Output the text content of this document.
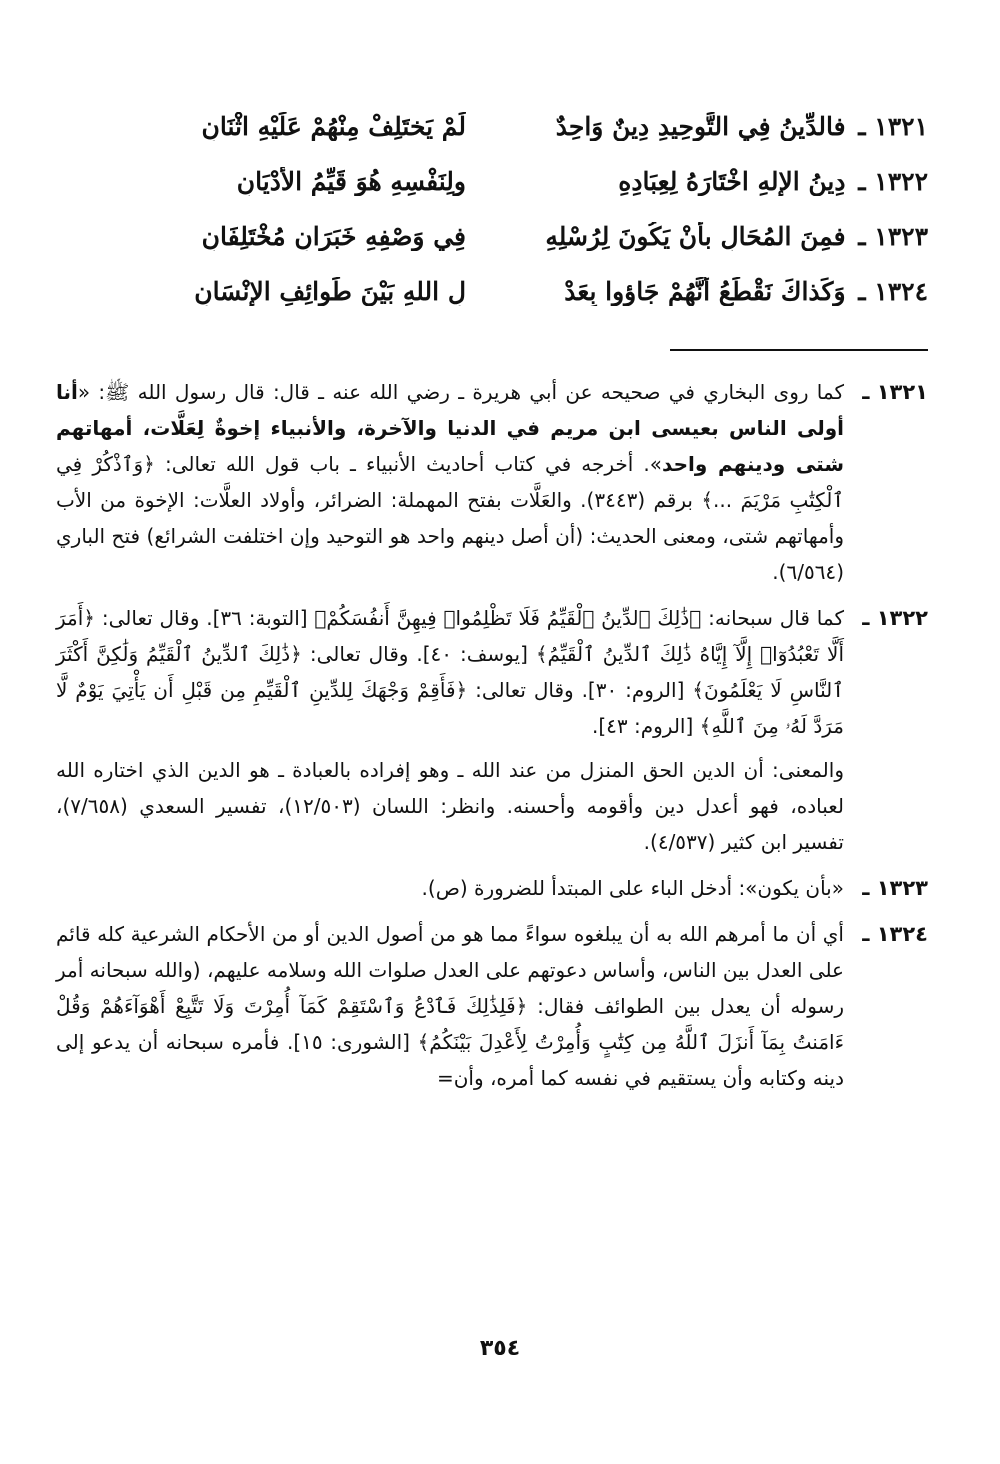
١٣٢١ ـ فالدِّينُ فِي التَّوحِيدِ دِينٌ وَاحِدٌ
لَمْ يَختَلِفْ مِنْهُمْ عَلَيْهِ اثْنَانِ
١٣٢٢ ـ دِينُ الإِلهِ اخْتَارَهُ لِعِبَادِهِ
ولِنَفْسِهِ هُوَ قَيِّمُ الأَدْيَانِ
١٣٢٣ ـ فمِنَ المُحَالِ بأَنْ يَكُونَ لِرُسْلِهِ
فِي وَصْفِهِ خَبَرَانِ مُخْتَلِفَانِ
١٣٢٤ ـ وَكَذاكَ نَقْطَعُ أَنَّهُمْ جَاؤوا بِعَدْ
لِ اللهِ بَيْنَ طَوائِفِ الإِنْسَانِ
١٣٢١ ـ

كما روى البخاري في صحيحه عن أبي هريرة ـ رضي الله عنه ـ قال: قال رسول الله ﷺ: «أنا أولى الناس بعيسى ابن مريم في الدنيا والآخرة، والأنبياء إخوةٌ لِعَلَّات، أمهاتهم شتى ودينهم واحد». أخرجه في كتاب أحاديث الأنبياء ـ باب قول الله تعالى: ﴿وَٱذْكُرْ فِي ٱلْكِتَٰبِ مَرْيَمَ ...﴾ برقم (٣٤٤٣). والعَلَّات بفتح المهملة: الضرائر، وأولاد العلَّات: الإخوة من الأب وأمهاتهم شتى، ومعنى الحديث: (أن أصل دينهم واحد هو التوحيد وإن اختلفت الشرائع) فتح الباري (٦/٥٦٤).

١٣٢٢ ـ

كما قال سبحانه: ﴿ذَٰلِكَ ٱلدِّينُ ٱلْقَيِّمُ فَلَا تَظْلِمُوا۟ فِيهِنَّ أَنفُسَكُمْ﴾ [التوبة: ٣٦]. وقال تعالى: ﴿أَمَرَ أَلَّا تَعْبُدُوٓا۟ إِلَّآ إِيَّاهُ ذَٰلِكَ ٱلدِّينُ ٱلْقَيِّمُ﴾ [يوسف: ٤٠]. وقال تعالى: ﴿ذَٰلِكَ ٱلدِّينُ ٱلْقَيِّمُ وَلَٰكِنَّ أَكْثَرَ ٱلنَّاسِ لَا يَعْلَمُونَ﴾ [الروم: ٣٠]. وقال تعالى: ﴿فَأَقِمْ وَجْهَكَ لِلدِّينِ ٱلْقَيِّمِ مِن قَبْلِ أَن يَأْتِيَ يَوْمٌ لَّا مَرَدَّ لَهُۥ مِنَ ٱللَّهِ﴾ [الروم: ٤٣].

والمعنى: أن الدين الحق المنزل من عند الله ـ وهو إفراده بالعبادة ـ هو الدين الذي اختاره الله لعباده، فهو أعدل دين وأقومه وأحسنه. وانظر: اللسان (١٢/٥٠٣)، تفسير السعدي (٧/٦٥٨)، تفسير ابن كثير (٤/٥٣٧).

١٣٢٣ ـ

«بأن يكون»: أدخل الباء على المبتدأ للضرورة (ص).

١٣٢٤ ـ

أي أن ما أمرهم الله به أن يبلغوه سواءً مما هو من أصول الدين أو من الأحكام الشرعية كله قائم على العدل بين الناس، وأساس دعوتهم على العدل صلوات الله وسلامه عليهم، (والله سبحانه أمر رسوله أن يعدل بين الطوائف فقال: ﴿فَلِذَٰلِكَ فَٱدْعُ وَٱسْتَقِمْ كَمَآ أُمِرْتَ وَلَا تَتَّبِعْ أَهْوَآءَهُمْ وَقُلْ ءَامَنتُ بِمَآ أَنزَلَ ٱللَّهُ مِن كِتَٰبٍ وَأُمِرْتُ لِأَعْدِلَ بَيْنَكُمُ﴾ [الشورى: ١٥]. فأمره سبحانه أن يدعو إلى دينه وكتابه وأن يستقيم في نفسه كما أمره، وأن=

٣٥٤
